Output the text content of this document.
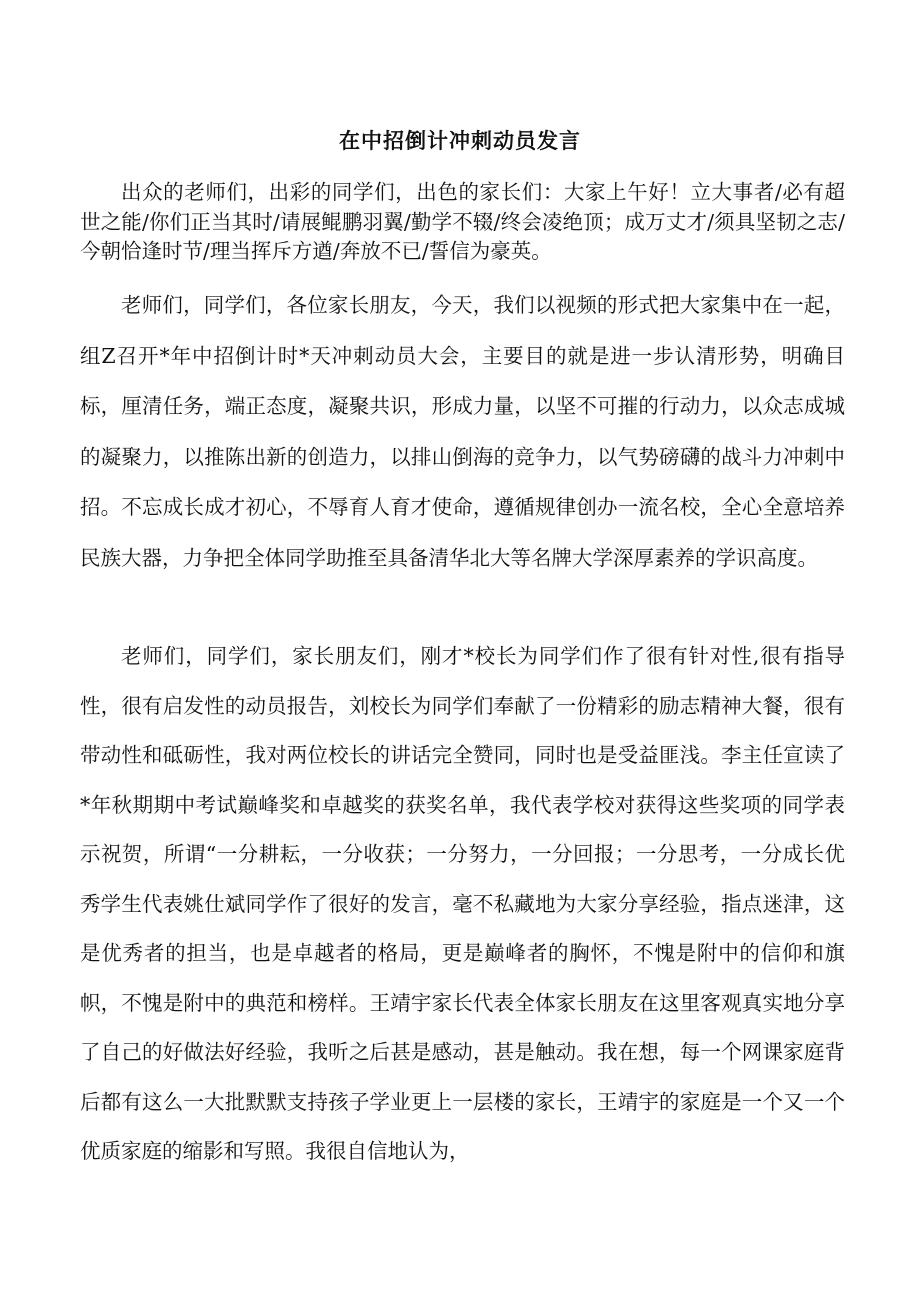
在中招倒计冲刺动员发言

出众的老师们，出彩的同学们，出色的家长们：大家上午好！立大事者/必有超世之能/你们正当其时/请展鲲鹏羽翼/勤学不辍/终会凌绝顶；成万丈才/须具坚韧之志/今朝恰逢时节/理当挥斥方遒/奔放不已/誓信为豪英。

老师们，同学们，各位家长朋友，今天，我们以视频的形式把大家集中在一起，组Z召开*年中招倒计时*天冲刺动员大会，主要目的就是进一步认清形势，明确目标，厘清任务，端正态度，凝聚共识，形成力量，以坚不可摧的行动力，以众志成城的凝聚力，以推陈出新的创造力，以排山倒海的竞争力，以气势磅礴的战斗力冲刺中招。不忘成长成才初心，不辱育人育才使命，遵循规律创办一流名校，全心全意培养民族大器，力争把全体同学助推至具备清华北大等名牌大学深厚素养的学识高度。

老师们，同学们，家长朋友们，刚才*校长为同学们作了很有针对性,很有指导性，很有启发性的动员报告，刘校长为同学们奉献了一份精彩的励志精神大餐，很有带动性和砥砺性，我对两位校长的讲话完全赞同，同时也是受益匪浅。李主任宣读了*年秋期期中考试巅峰奖和卓越奖的获奖名单，我代表学校对获得这些奖项的同学表示祝贺，所谓“一分耕耘，一分收获；一分努力，一分回报；一分思考，一分成长优秀学生代表姚仕斌同学作了很好的发言，毫不私藏地为大家分享经验，指点迷津，这是优秀者的担当，也是卓越者的格局，更是巅峰者的胸怀，不愧是附中的信仰和旗帜，不愧是附中的典范和榜样。王靖宇家长代表全体家长朋友在这里客观真实地分享了自己的好做法好经验，我听之后甚是感动，甚是触动。我在想，每一个网课家庭背后都有这么一大批默默支持孩子学业更上一层楼的家长，王靖宇的家庭是一个又一个优质家庭的缩影和写照。我很自信地认为，
